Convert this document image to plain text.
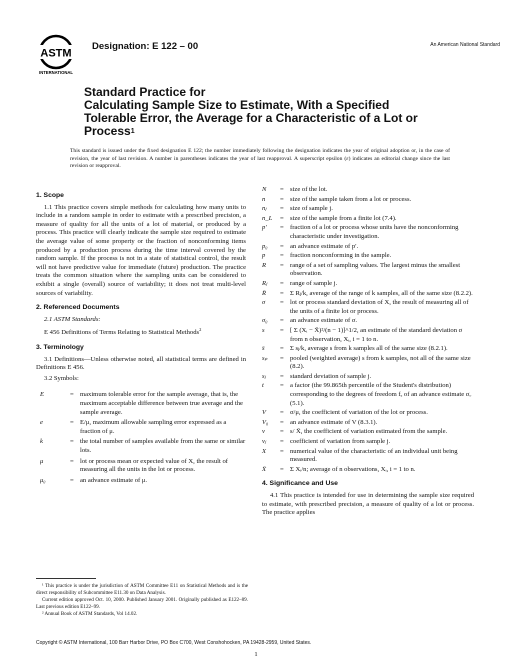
ASTM
INTERNATIONAL
Designation: E 122 – 00	An American National Standard
Standard Practice for
Calculating Sample Size to Estimate, With a Specified
Tolerable Error, the Average for a Characteristic of a Lot or
Process$^1$
This standard is issued under the fixed designation E 122; the number immediately following the designation indicates the year of original adoption or, in the case of revision, the year of last revision. A number in parentheses indicates the year of last reapproval. A superscript epsilon (ε) indicates an editorial change since the last revision or reapproval.
1. Scope

1.1 This practice covers simple methods for calculating how many units to include in a random sample in order to estimate with a prescribed precision, a measure of quality for all the units of a lot of material, or produced by a process. This practice will clearly indicate the sample size required to estimate the average value of some property or the fraction of nonconforming items produced by a production process during the time interval covered by the random sample. If the process is not in a state of statistical control, the result will not have predictive value for immediate (future) production. The practice treats the common situation where the sampling units can be considered to exhibit a single (overall) source of variability; it does not treat multi-level sources of variability.

2. Referenced Documents

2.1 ASTM Standards:

E 456 Definitions of Terms Relating to Statistical Methods$^2$

3. Terminology

3.1 Definitions—Unless otherwise noted, all statistical terms are defined in Definitions E 456.

3.2 Symbols:

E	= maximum tolerable error for the sample average, that is, the maximum acceptable difference between true average and the sample average.
e	= E/μ, maximum allowable sampling error expressed as a fraction of μ.
k	= the total number of samples available from the same or similar lots.
μ	= lot or process mean or expected value of X, the result of measuring all the units in the lot or process.
μ₀	= an advance estimate of μ.
N	= size of the lot.
n	= size of the sample taken from a lot or process.
nⱼ	= size of sample j.
n_L	= size of the sample from a finite lot (7.4).
p′	= fraction of a lot or process whose units have the nonconforming characteristic under investigation.
p₀	= an advance estimate of p′.
p	= fraction nonconforming in the sample.
R	= range of a set of sampling values. The largest minus the smallest observation.
Rⱼ	= range of sample j.
R̄	= Σ Rⱼ/k, average of the range of k samples, all of the same size (8.2.2).
σ	= lot or process standard deviation of X, the result of measuring all of the units of a finite lot or process.
σ₀	= an advance estimate of σ.
s	= [ Σ (Xᵢ − X̄)²/(n − 1)]^1/2, an estimate of the standard deviation σ from n observation, Xᵢ, i = 1 to n.
s̄	= Σ sⱼ/k, average s from k samples all of the same size (8.2.1).
sₚ	= pooled (weighted average) s from k samples, not all of the same size (8.2).
sⱼ	= standard deviation of sample j.
t	= a factor (the 99.865th percentile of the Student's distribution) corresponding to the degrees of freedom fₑ of an advance estimate σₒ (5.1).
V	= σ/μ, the coefficient of variation of the lot or process.
V₀	= an advance estimate of V (8.3.1).
v	= s/ X̄, the coefficient of variation estimated from the sample.
vⱼ	= coefficient of variation from sample j.
X	= numerical value of the characteristic of an individual unit being measured.
X̄	= Σ Xᵢ/n; average of n observations, Xᵢ, i = 1 to n.
4. Significance and Use

4.1 This practice is intended for use in determining the sample size required to estimate, with prescribed precision, a measure of quality of a lot or process. The practice applies

¹ This practice is under the jurisdiction of ASTM Committee E11 on Statistical Methods and is the direct responsibility of Subcommittee E11.30 on Data Analysis.

Current edition approved Oct. 10, 2000. Published January 2001. Originally published as E122–89. Last previous edition E122–99.

² Annual Book of ASTM Standards, Vol 14.02.

Copyright © ASTM International, 100 Barr Harbor Drive, PO Box C700, West Conshohocken, PA 19428-2959, United States.
1
